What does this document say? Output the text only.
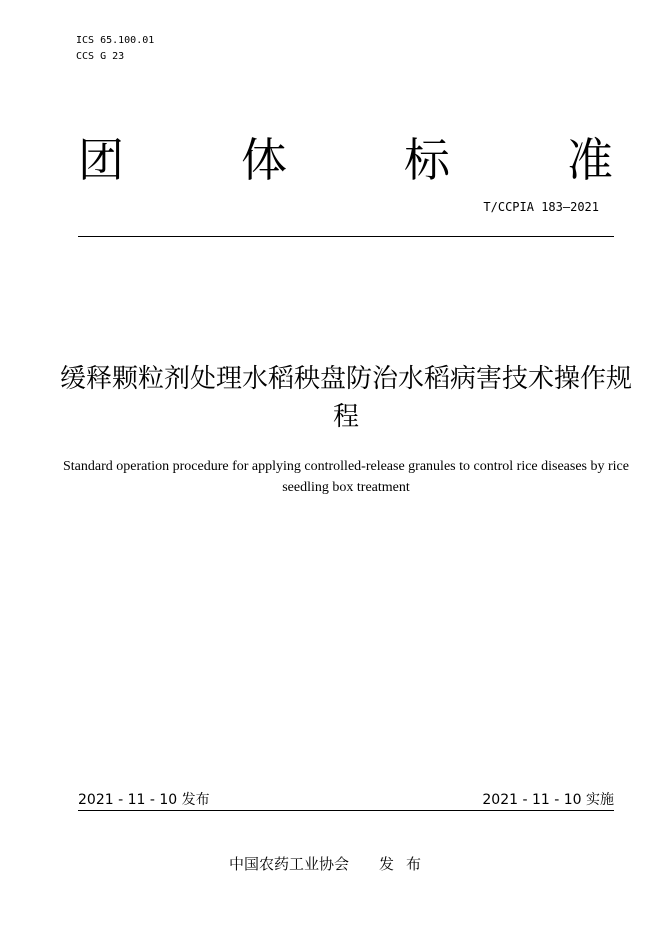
ICS 65.100.01
CCS G 23
团	体	标	准
T/CCPIA 183—2021
缓释颗粒剂处理水稻秧盘防治水稻病害技术操作规程
Standard operation procedure for applying controlled-release granules to control rice diseases by rice seedling box treatment
2021 - 11 - 10 发布	2021 - 11 - 10 实施
中国农药工业协会 发布
